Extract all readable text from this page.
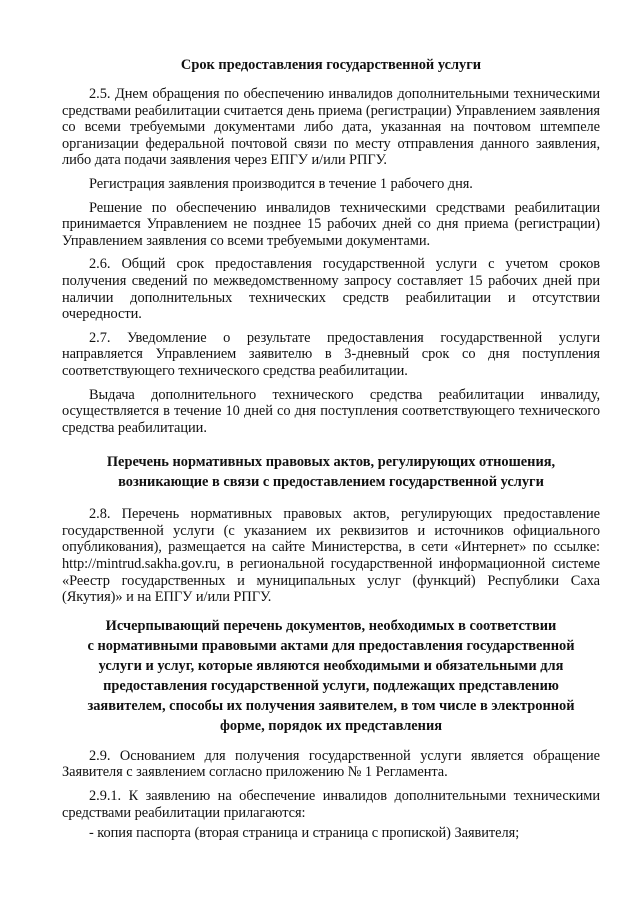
Срок предоставления государственной услуги

2.5. Днем обращения по обеспечению инвалидов дополнительными техническими средствами реабилитации считается день приема (регистрации) Управлением заявления со всеми требуемыми документами либо дата, указанная на почтовом штемпеле организации федеральной почтовой связи по месту отправления данного заявления, либо дата подачи заявления через ЕПГУ и/или РПГУ.

Регистрация заявления производится в течение 1 рабочего дня.

Решение по обеспечению инвалидов техническими средствами реабилитации принимается Управлением не позднее 15 рабочих дней со дня приема (регистрации) Управлением заявления со всеми требуемыми документами.

2.6. Общий срок предоставления государственной услуги с учетом сроков получения сведений по межведомственному запросу составляет 15 рабочих дней при наличии дополнительных технических средств реабилитации и отсутствии очередности.

2.7. Уведомление о результате предоставления государственной услуги направляется Управлением заявителю в 3-дневный срок со дня поступления соответствующего технического средства реабилитации.

Выдача дополнительного технического средства реабилитации инвалиду, осуществляется в течение 10 дней со дня поступления соответствующего технического средства реабилитации.

Перечень нормативных правовых актов, регулирующих отношения,
возникающие в связи с предоставлением государственной услуги

2.8. Перечень нормативных правовых актов, регулирующих предоставление государственной услуги (с указанием их реквизитов и источников официального опубликования), размещается на сайте Министерства, в сети «Интернет» по ссылке: http://mintrud.sakha.gov.ru, в региональной государственной информационной системе «Реестр государственных и муниципальных услуг (функций) Республики Саха (Якутия)» и на ЕПГУ и/или РПГУ.

Исчерпывающий перечень документов, необходимых в соответствии
с нормативными правовыми актами для предоставления государственной
услуги и услуг, которые являются необходимыми и обязательными для
предоставления государственной услуги, подлежащих представлению
заявителем, способы их получения заявителем, в том числе в электронной
форме, порядок их представления

2.9. Основанием для получения государственной услуги является обращение Заявителя с заявлением согласно приложению № 1 Регламента.

2.9.1. К заявлению на обеспечение инвалидов дополнительными техническими средствами реабилитации прилагаются:

- копия паспорта (вторая страница и страница с пропиской) Заявителя;
